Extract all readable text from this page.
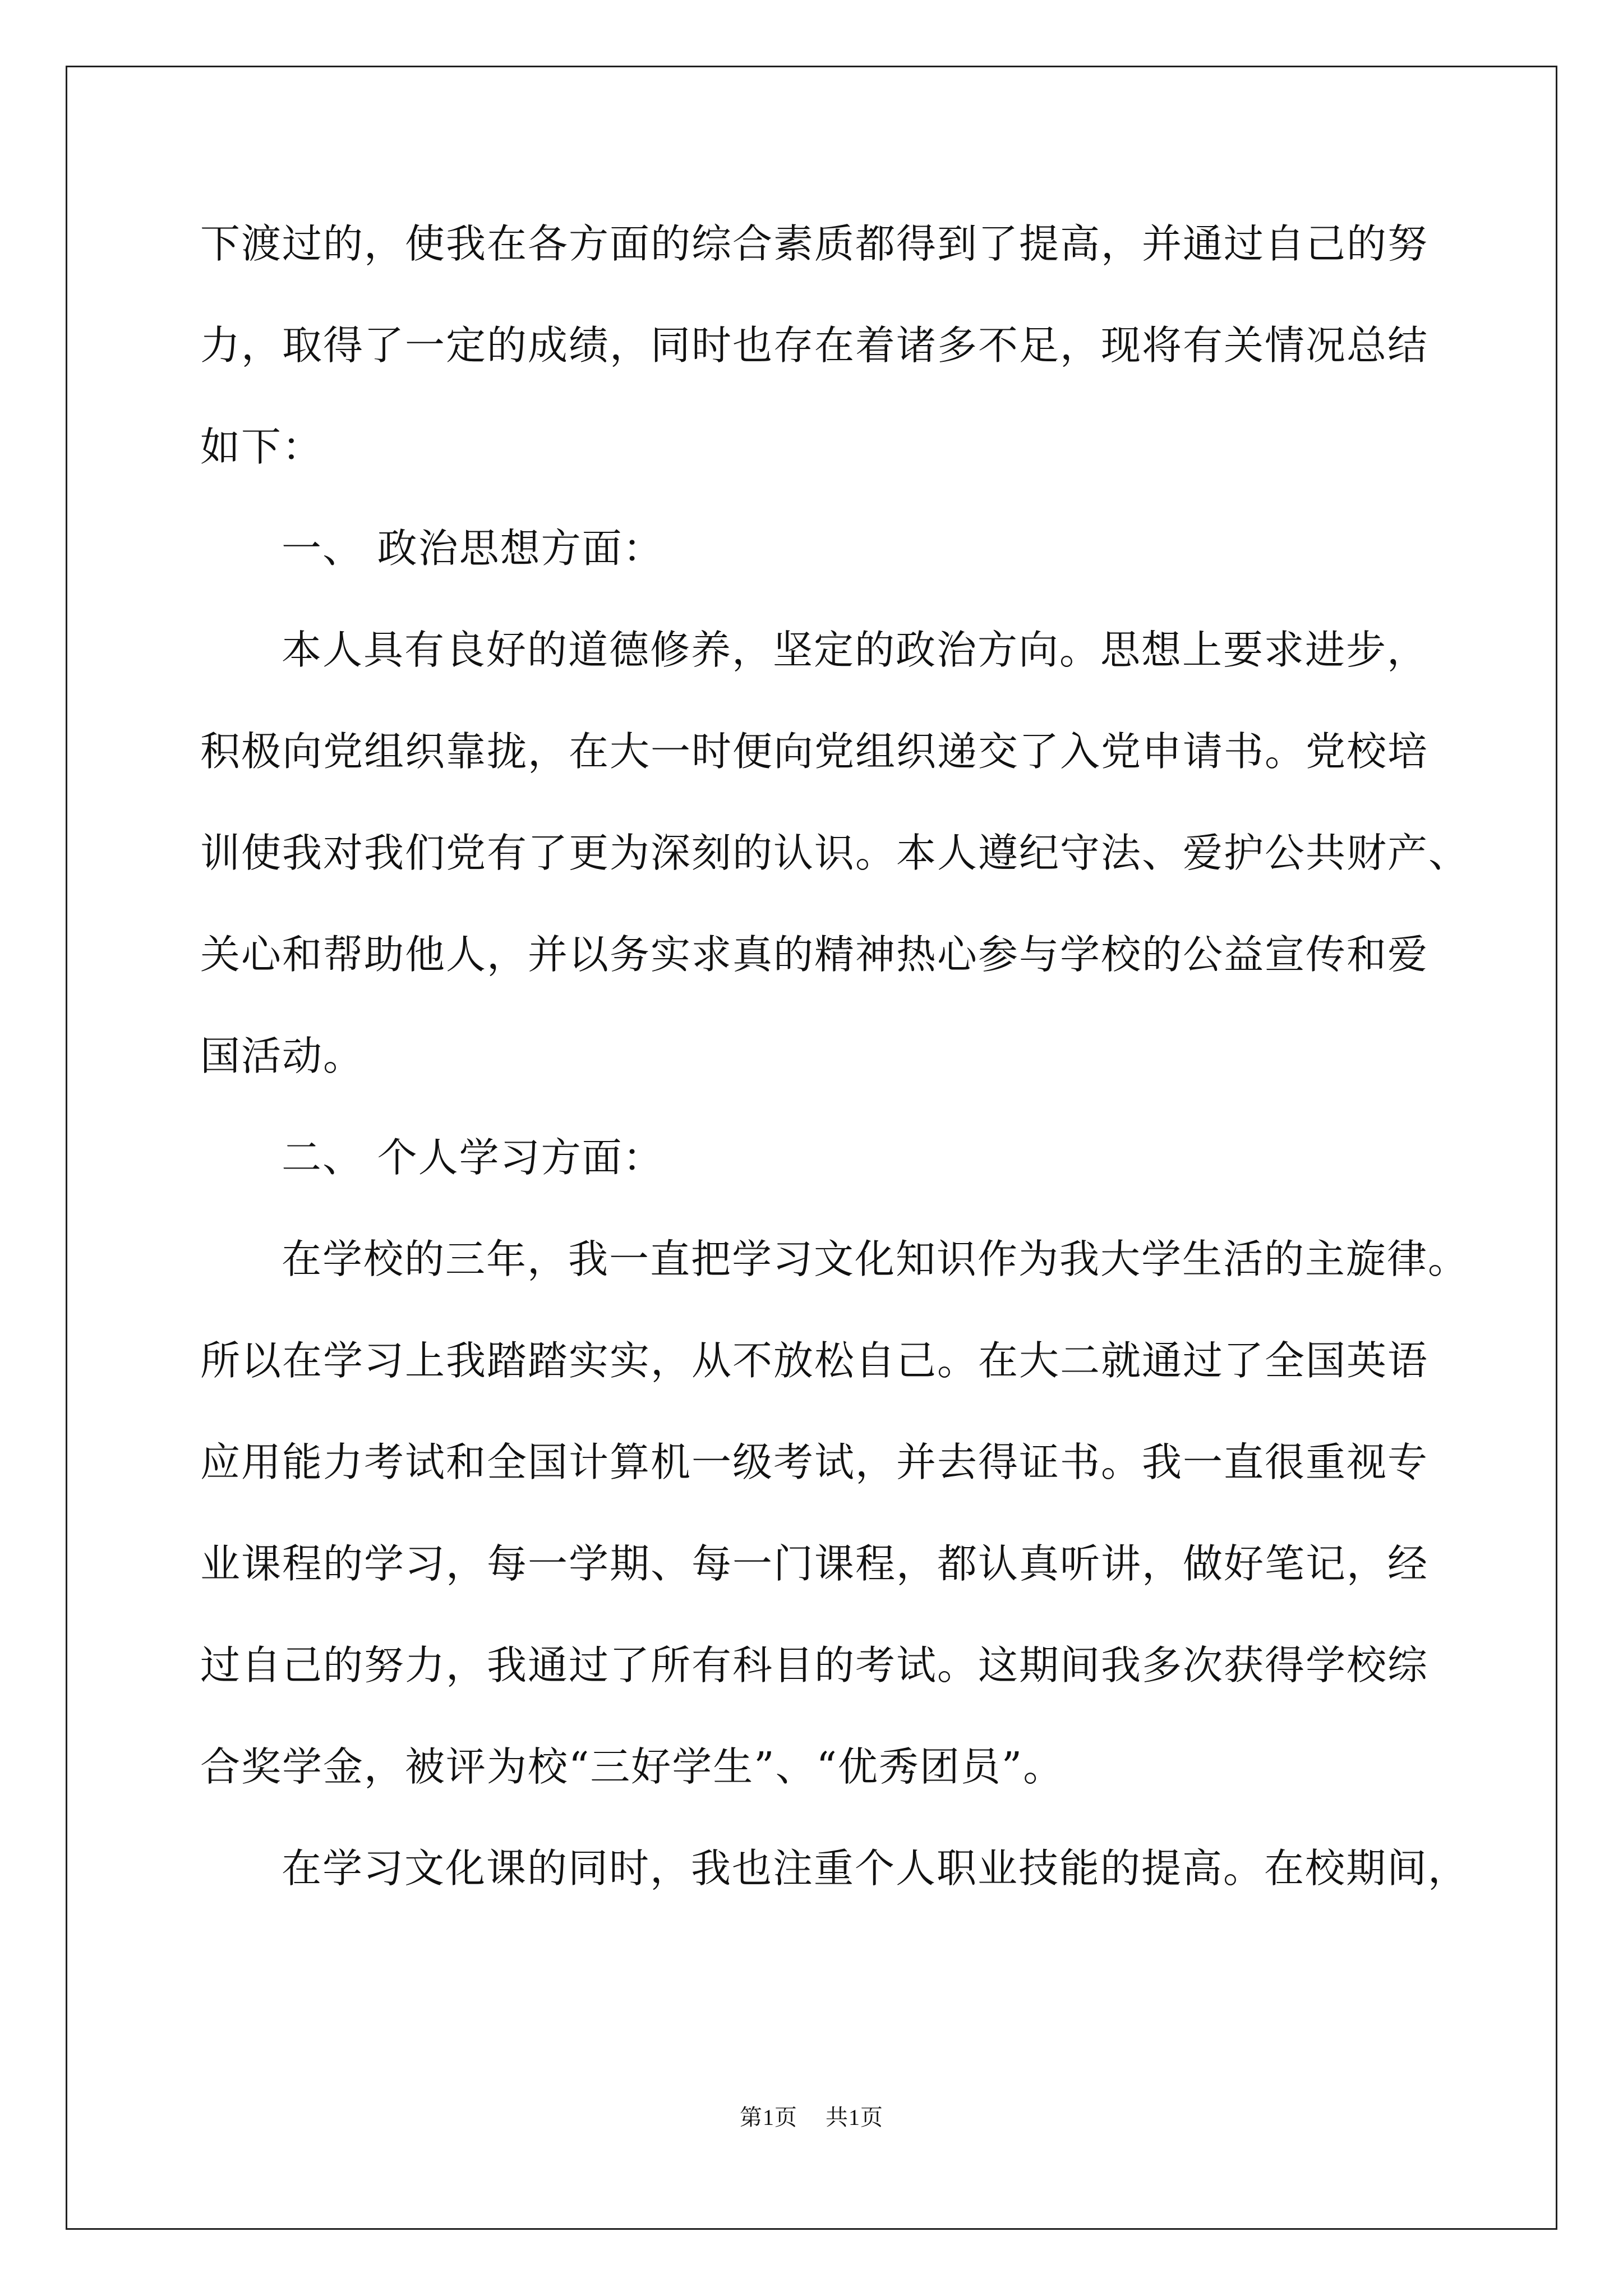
下渡过的，使我在各方面的综合素质都得到了提高，并通过自己的努
力，取得了一定的成绩，同时也存在着诸多不足，现将有关情况总结
如下：
一、 政治思想方面：
本人具有良好的道德修养，坚定的政治方向。思想上要求进步，
积极向党组织靠拢，在大一时便向党组织递交了入党申请书。党校培
训使我对我们党有了更为深刻的认识。本人遵纪守法、爱护公共财产、
关心和帮助他人，并以务实求真的精神热心参与学校的公益宣传和爱
国活动。
二、 个人学习方面：
在学校的三年，我一直把学习文化知识作为我大学生活的主旋律。
所以在学习上我踏踏实实，从不放松自己。在大二就通过了全国英语
应用能力考试和全国计算机一级考试，并去得证书。我一直很重视专
业课程的学习，每一学期、每一门课程，都认真听讲，做好笔记，经
过自己的努力，我通过了所有科目的考试。这期间我多次获得学校综
合奖学金，被评为校“三好学生”、“优秀团员”。
在学习文化课的同时，我也注重个人职业技能的提高。在校期间，
第1页 共1页
